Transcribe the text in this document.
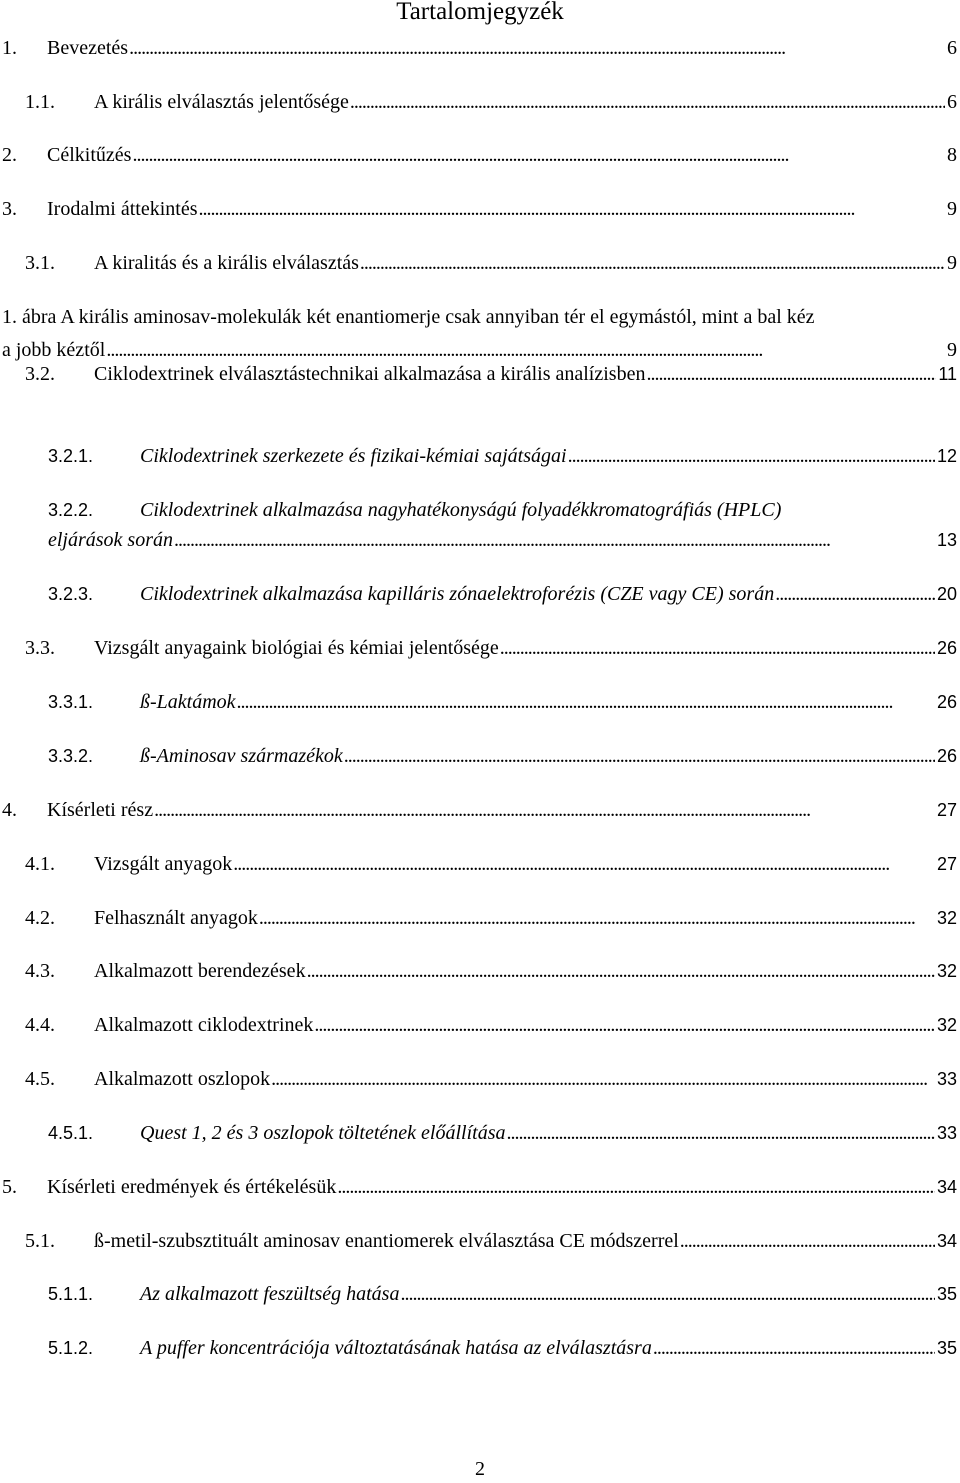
Tartalomjegyzék
1.	Bevezetés . . .	6
1.1.	A királis elválasztás jelentősége . . .	6
2.	Célkitűzés . . .	8
3.	Irodalmi áttekintés . . .	9
3.1.	A kiralitás és a királis elválasztás . . .	9
1. ábra A királis aminosav-molekulák két enantiomerje csak annyiban tér el egymástól, mint a bal kéz
a jobb kéztől . . .	9
3.2.	Ciklodextrinek elválasztástechnikai alkalmazása a királis analízisben . . .	11
3.2.1.	Ciklodextrinek szerkezete és fizikai-kémiai sajátságai . . .	12
3.2.2. Ciklodextrinek alkalmazása nagyhatékonyságú folyadékkromatográfiás (HPLC)
eljárások során . . .	13
3.2.3.	Ciklodextrinek alkalmazása kapilláris zónaelektroforézis (CZE vagy CE) során . . .	20
3.3.	Vizsgált anyagaink biológiai és kémiai jelentősége . . .	26
3.3.1.	ß-Laktámok . . .	26
3.3.2.	ß-Aminosav származékok . . .	26
4.	Kísérleti rész . . .	27
4.1.	Vizsgált anyagok . . .	27
4.2.	Felhasznált anyagok . . .	32
4.3.	Alkalmazott berendezések . . .	32
4.4.	Alkalmazott ciklodextrinek . . .	32
4.5.	Alkalmazott oszlopok . . .	33
4.5.1.	Quest 1, 2 és 3 oszlopok töltetének előállítása . . .	33
5.	Kísérleti eredmények és értékelésük . . .	34
5.1.	ß-metil-szubsztituált aminosav enantiomerek elválasztása CE módszerrel . . .	34
5.1.1.	Az alkalmazott feszültség hatása . . .	35
5.1.2.	A puffer koncentrációja változtatásának hatása az elválasztásra . . .	35
2
